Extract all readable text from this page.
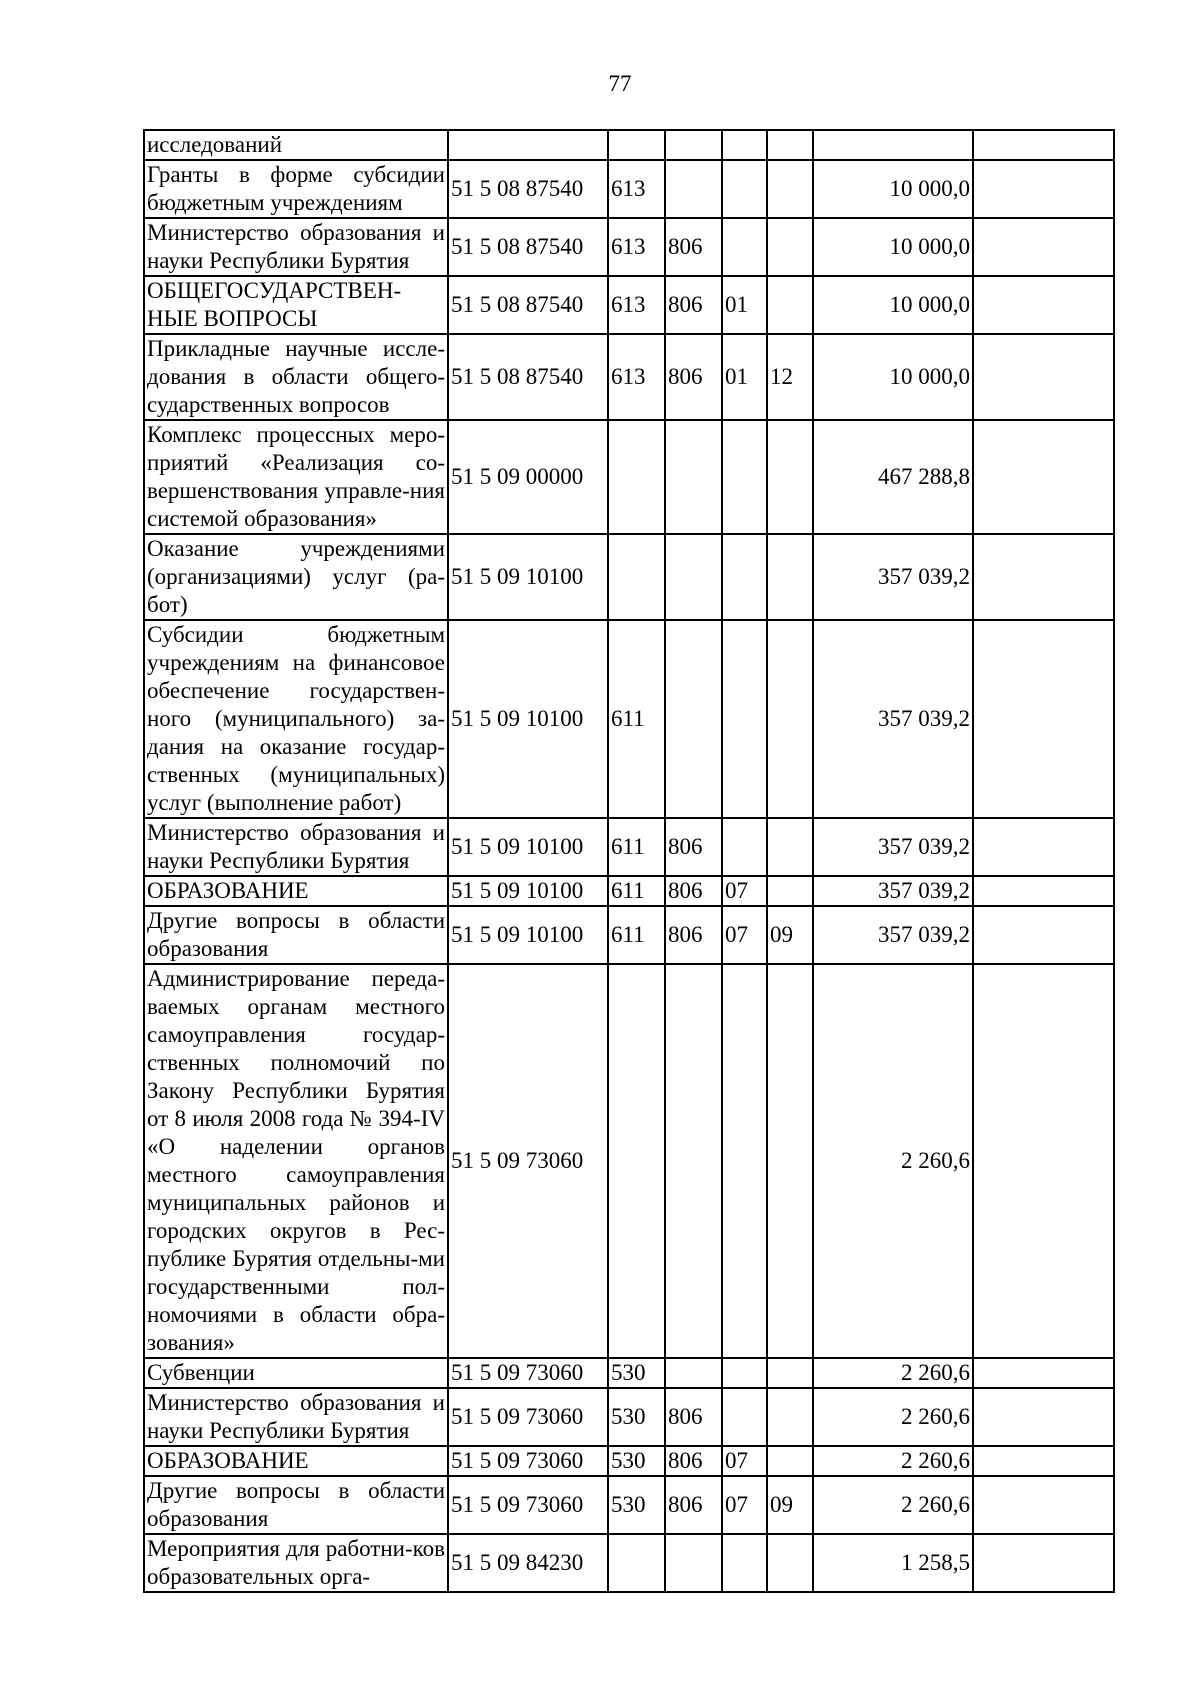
77
исследований							
Гранты в форме субсидии бюджетным учреждениям	51 5 08 87540	613				10 000,0	
Министерство образования и науки Республики Бурятия	51 5 08 87540	613	806			10 000,0	
ОБЩЕГОСУДАРСТВЕН-НЫЕ ВОПРОСЫ	51 5 08 87540	613	806	01		10 000,0	
Прикладные научные иссле-дования в области общего-сударственных вопросов	51 5 08 87540	613	806	01	12	10 000,0	
Комплекс процессных меро-приятий «Реализация со-вершенствования управле-ния системой образования»	51 5 09 00000					467 288,8	
Оказание учреждениями (организациями) услуг (ра-бот)	51 5 09 10100					357 039,2	
Субсидии бюджетным учреждениям на финансовое обеспечение государствен-ного (муниципального) за-дания на оказание государ-ственных (муниципальных) услуг (выполнение работ)	51 5 09 10100	611				357 039,2	
Министерство образования и науки Республики Бурятия	51 5 09 10100	611	806			357 039,2	
ОБРАЗОВАНИЕ	51 5 09 10100	611	806	07		357 039,2	
Другие вопросы в области образования	51 5 09 10100	611	806	07	09	357 039,2	
Администрирование переда-ваемых органам местного самоуправления государ-ственных полномочий по Закону Республики Бурятия от 8 июля 2008 года № 394-IV «О наделении органов местного самоуправления муниципальных районов и городских округов в Рес-публике Бурятия отдельны-ми государственными пол-номочиями в области обра-зования»	51 5 09 73060					2 260,6	
Субвенции	51 5 09 73060	530				2 260,6	
Министерство образования и науки Республики Бурятия	51 5 09 73060	530	806			2 260,6	
ОБРАЗОВАНИЕ	51 5 09 73060	530	806	07		2 260,6	
Другие вопросы в области образования	51 5 09 73060	530	806	07	09	2 260,6	
Мероприятия для работни-ков образовательных орга-	51 5 09 84230					1 258,5	
